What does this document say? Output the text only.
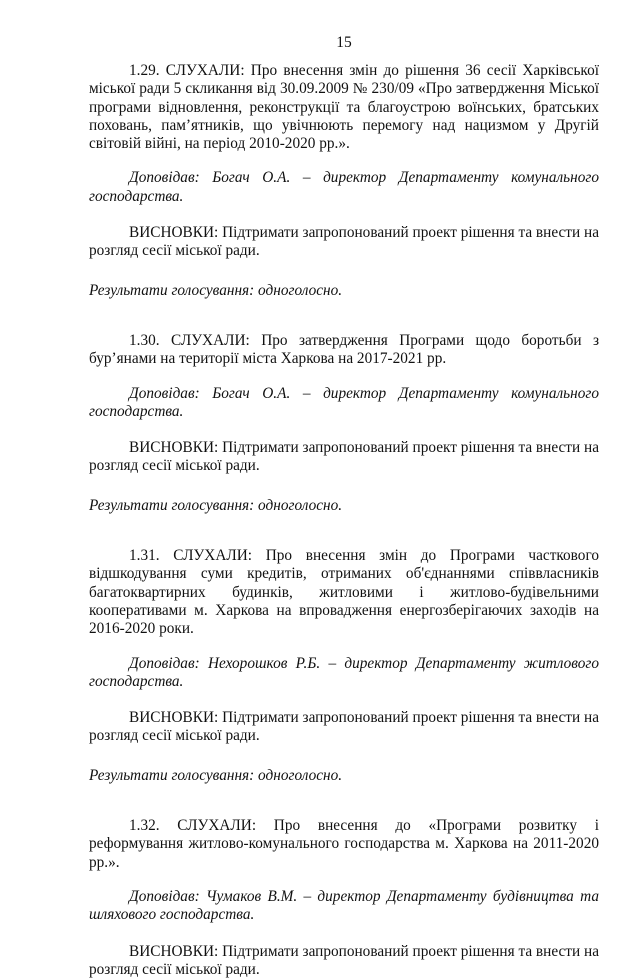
15

1.29. СЛУХАЛИ: Про внесення змін до рішення 36 сесії Харківської міської ради 5 скликання від 30.09.2009 № 230/09 «Про затвердження Міської програми відновлення, реконструкції та благоустрою воїнських, братських поховань, пам’ятників, що увічнюють перемогу над нацизмом у Другій світовій війні, на період 2010-2020 рр.».

Доповідав: Богач О.А. – директор Департаменту комунального господарства.

ВИСНОВКИ: Підтримати запропонований проект рішення та внести на розгляд сесії міської ради.

Результати голосування: одноголосно.

1.30. СЛУХАЛИ: Про затвердження Програми щодо боротьби з бур’янами на території міста Харкова на 2017-2021 рр.

Доповідав: Богач О.А. – директор Департаменту комунального господарства.

ВИСНОВКИ: Підтримати запропонований проект рішення та внести на розгляд сесії міської ради.

Результати голосування: одноголосно.

1.31. СЛУХАЛИ: Про внесення змін до Програми часткового відшкодування суми кредитів, отриманих об'єднаннями співвласників багатоквартирних будинків, житловими і житлово-будівельними кооперативами м. Харкова на впровадження енергозберігаючих заходів на 2016-2020 роки.

Доповідав: Нехорошков Р.Б. – директор Департаменту житлового господарства.

ВИСНОВКИ: Підтримати запропонований проект рішення та внести на розгляд сесії міської ради.

Результати голосування: одноголосно.

1.32. СЛУХАЛИ: Про внесення до «Програми розвитку і реформування житлово-комунального господарства м. Харкова на 2011-2020 рр.».

Доповідав: Чумаков В.М. – директор Департаменту будівництва та шляхового господарства.

ВИСНОВКИ: Підтримати запропонований проект рішення та внести на розгляд сесії міської ради.
